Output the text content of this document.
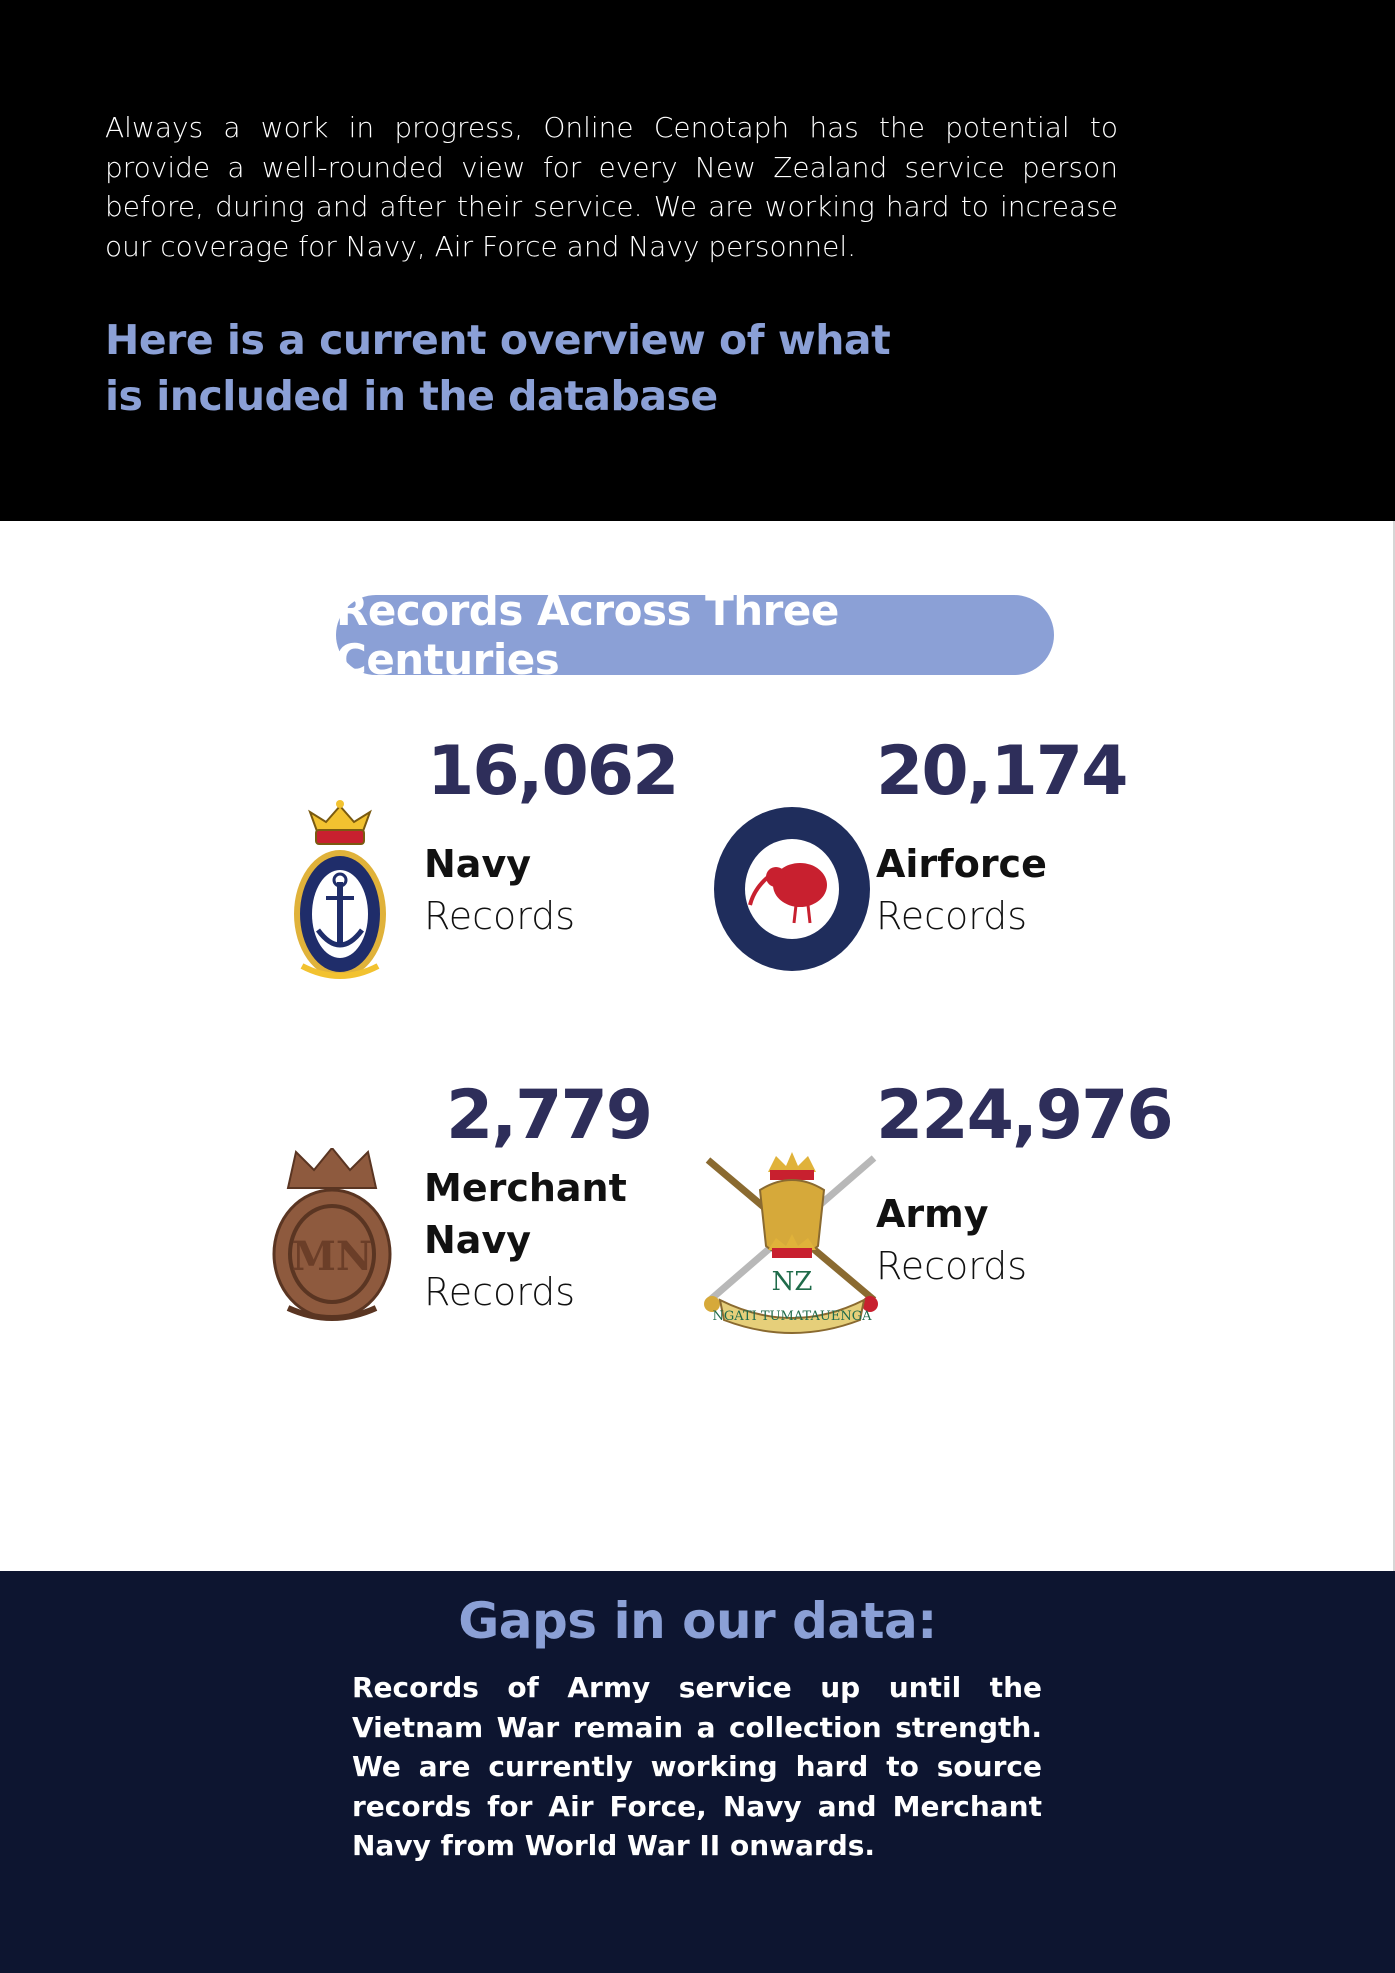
Always a work in progress, Online Cenotaph has the potential to provide a well-rounded view for every New Zealand service person before, during and after their service. We are working hard to increase our coverage for Navy, Air Force and Navy personnel.

Here is a current overview of what is included in the database
Records Across Three Centuries
16,062
Navy
Records
20,174
Airforce
Records
MN
2,779
Merchant
Navy
Records	NZ
NGATI TUMATAUENGA
224,976
Army
Records
Gaps in our data:

Records of Army service up until the Vietnam War remain a collection strength. We are currently working hard to source records for Air Force, Navy and Merchant Navy from World War II onwards.
